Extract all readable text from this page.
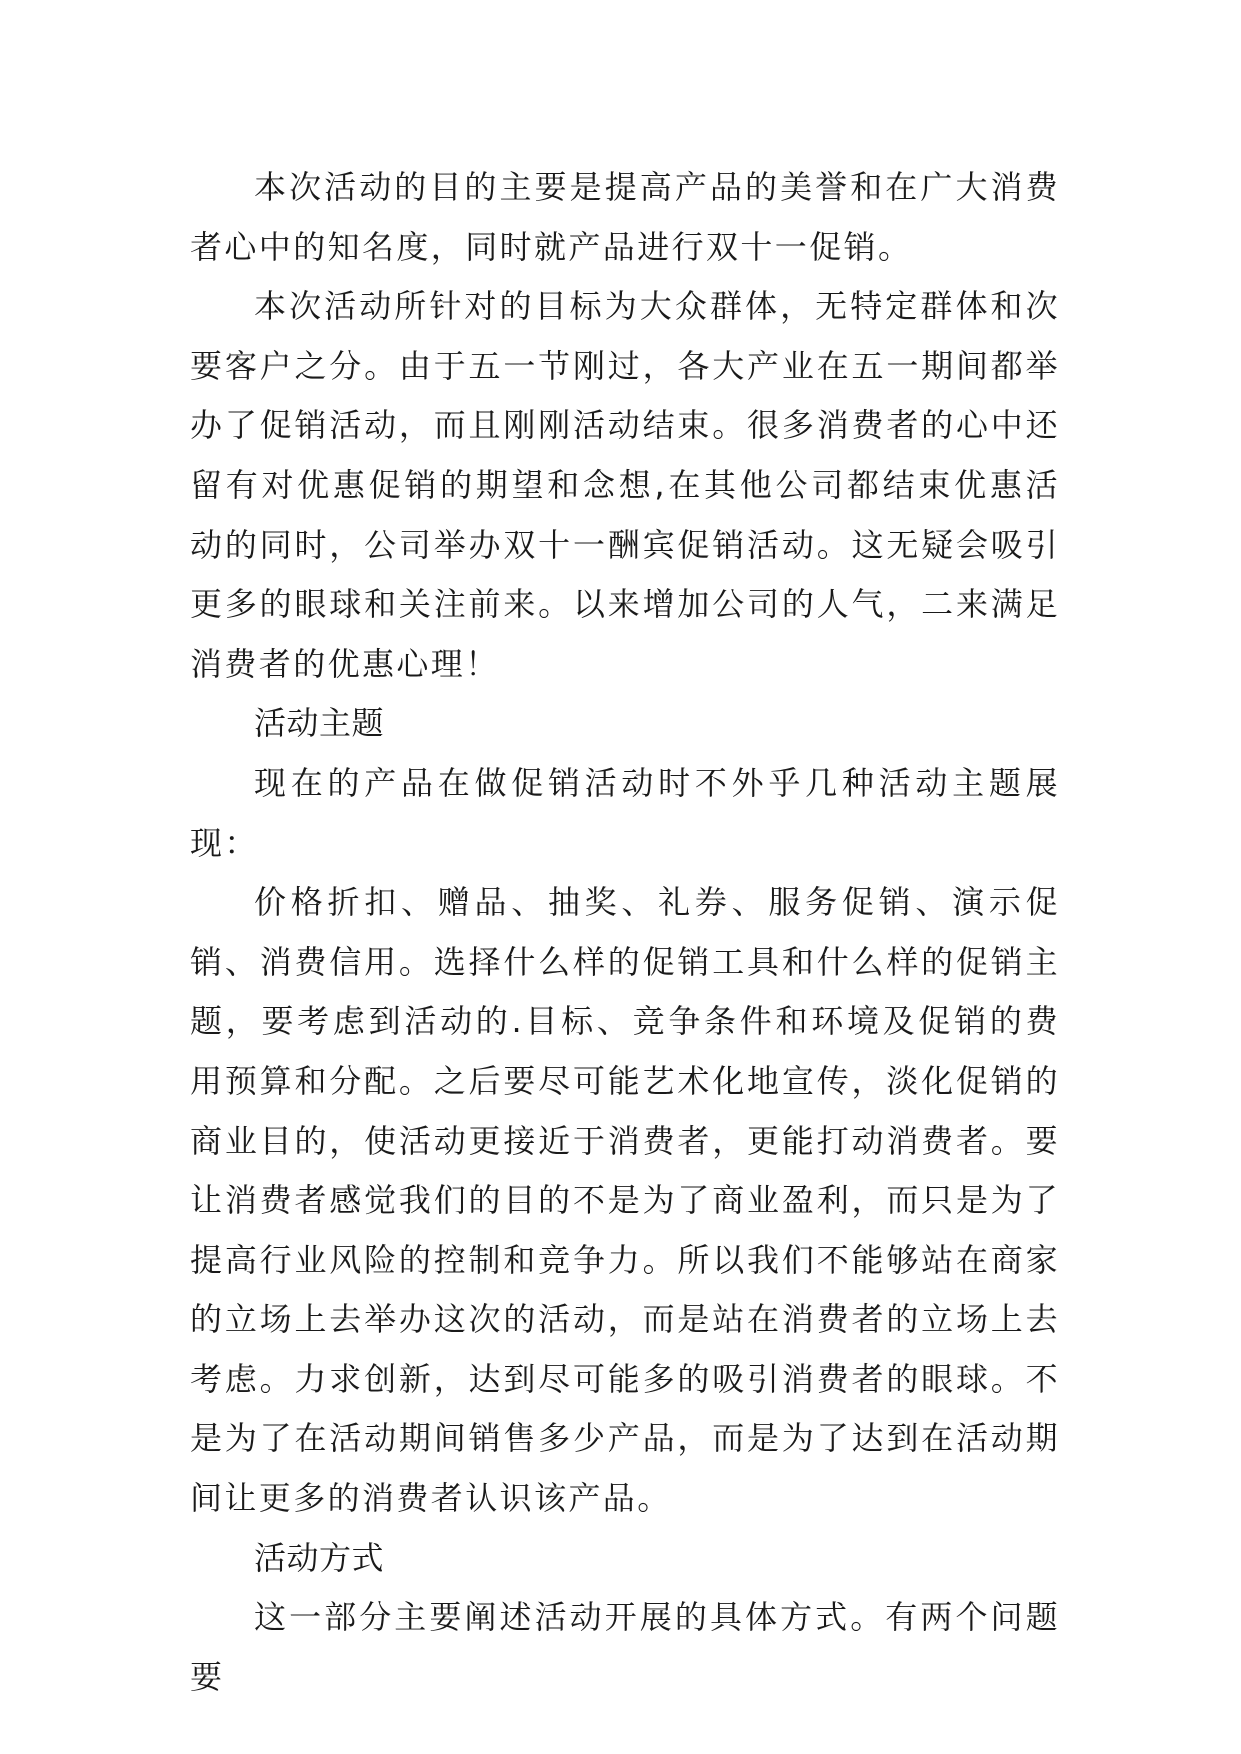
本次活动的目的主要是提高产品的美誉和在广大消费者心中的知名度，同时就产品进行双十一促销。

本次活动所针对的目标为大众群体，无特定群体和次要客户之分。由于五一节刚过，各大产业在五一期间都举办了促销活动，而且刚刚活动结束。很多消费者的心中还留有对优惠促销的期望和念想,在其他公司都结束优惠活动的同时，公司举办双十一酬宾促销活动。这无疑会吸引更多的眼球和关注前来。以来增加公司的人气，二来满足消费者的优惠心理！

活动主题

现在的产品在做促销活动时不外乎几种活动主题展现：

价格折扣、赠品、抽奖、礼券、服务促销、演示促销、消费信用。选择什么样的促销工具和什么样的促销主题，要考虑到活动的.目标、竞争条件和环境及促销的费用预算和分配。之后要尽可能艺术化地宣传，淡化促销的商业目的，使活动更接近于消费者，更能打动消费者。要让消费者感觉我们的目的不是为了商业盈利，而只是为了提高行业风险的控制和竞争力。所以我们不能够站在商家的立场上去举办这次的活动，而是站在消费者的立场上去考虑。力求创新，达到尽可能多的吸引消费者的眼球。不是为了在活动期间销售多少产品，而是为了达到在活动期间让更多的消费者认识该产品。

活动方式

这一部分主要阐述活动开展的具体方式。有两个问题要
